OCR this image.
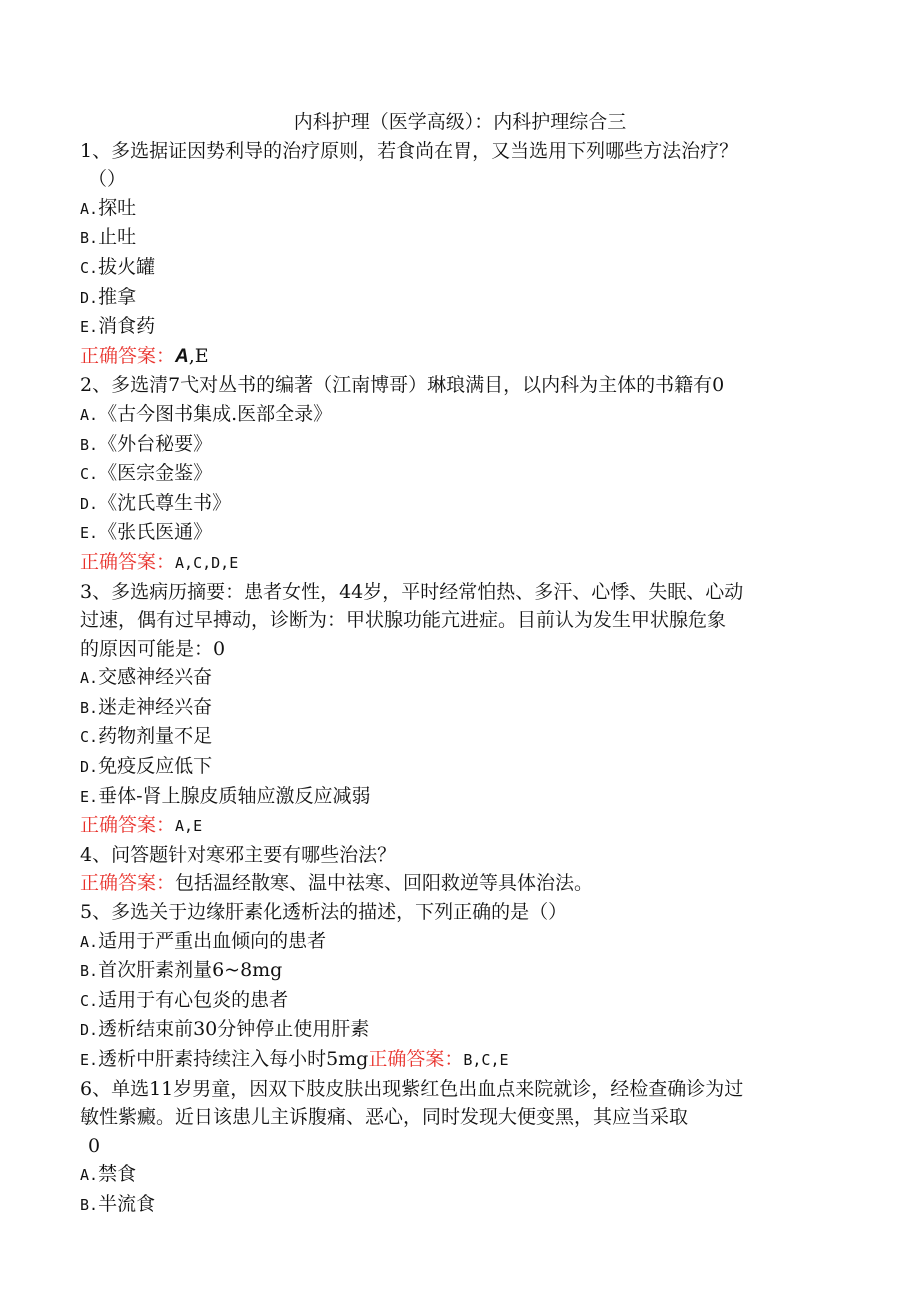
内科护理（医学高级）：内科护理综合三
1、多选据证因势利导的治疗原则，若食尚在胃，又当选用下列哪些方法治疗？
（）
A.探吐
B.止吐
C.拔火罐
D.推拿
E.消食药
正确答案：A,E
2、多选清7弋对丛书的编著（江南博哥）琳琅满目，以内科为主体的书籍有0
A.《古今图书集成.医部全录》
B.《外台秘要》
C.《医宗金鉴》
D.《沈氏尊生书》
E.《张氏医通》
正确答案：A,C,D,E
3、多选病历摘要：患者女性，44岁，平时经常怕热、多汗、心悸、失眠、心动
过速，偶有过早搏动，诊断为：甲状腺功能亢进症。目前认为发生甲状腺危象
的原因可能是：0
A.交感神经兴奋
B.迷走神经兴奋
C.药物剂量不足
D.免疫反应低下
E.垂体-肾上腺皮质轴应激反应减弱
正确答案：A,E
4、问答题针对寒邪主要有哪些治法？
正确答案：包括温经散寒、温中祛寒、回阳救逆等具体治法。
5、多选关于边缘肝素化透析法的描述，下列正确的是（）
A.适用于严重出血倾向的患者
B.首次肝素剂量6~8mg
C.适用于有心包炎的患者
D.透析结束前30分钟停止使用肝素
E.透析中肝素持续注入每小时5mg正确答案：B,C,E
6、单选11岁男童，因双下肢皮肤出现紫红色出血点来院就诊，经检查确诊为过
敏性紫癜。近日该患儿主诉腹痛、恶心，同时发现大便变黑，其应当采取
0
A.禁食
B.半流食
